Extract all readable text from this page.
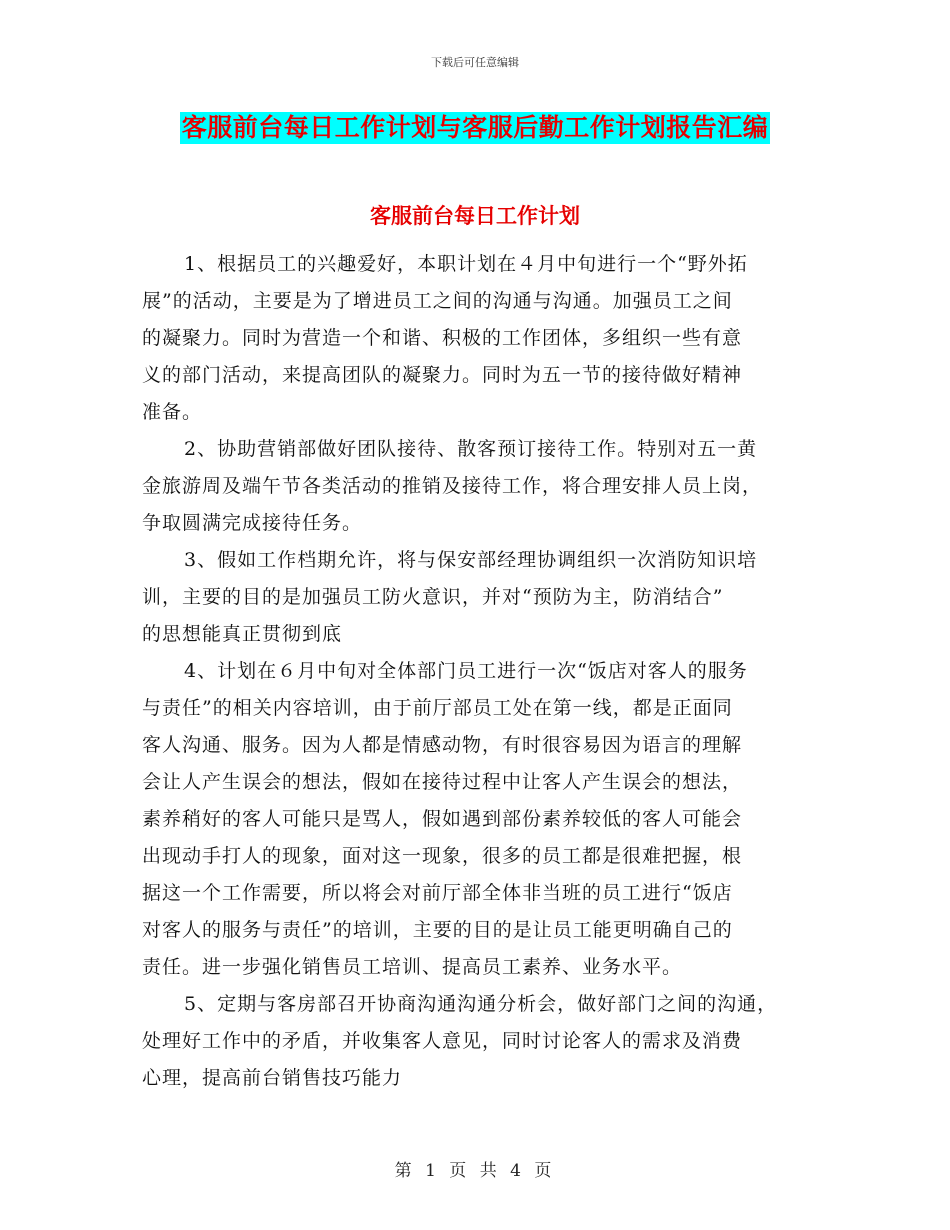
下载后可任意编辑
客服前台每日工作计划与客服后勤工作计划报告汇编
客服前台每日工作计划
1、根据员工的兴趣爱好，本职计划在４月中旬进行一个“野外拓
展”的活动，主要是为了增进员工之间的沟通与沟通。加强员工之间
的凝聚力。同时为营造一个和谐、积极的工作团体，多组织一些有意
义的部门活动，来提高团队的凝聚力。同时为五一节的接待做好精神
准备。
2、协助营销部做好团队接待、散客预订接待工作。特别对五一黄
金旅游周及端午节各类活动的推销及接待工作，将合理安排人员上岗，
争取圆满完成接待任务。
3、假如工作档期允许，将与保安部经理协调组织一次消防知识培
训，主要的目的是加强员工防火意识，并对“预防为主，防消结合”
的思想能真正贯彻到底
4、计划在６月中旬对全体部门员工进行一次“饭店对客人的服务
与责任”的相关内容培训，由于前厅部员工处在第一线，都是正面同
客人沟通、服务。因为人都是情感动物，有时很容易因为语言的理解
会让人产生误会的想法，假如在接待过程中让客人产生误会的想法，
素养稍好的客人可能只是骂人，假如遇到部份素养较低的客人可能会
出现动手打人的现象，面对这一现象，很多的员工都是很难把握，根
据这一个工作需要，所以将会对前厅部全体非当班的员工进行“饭店
对客人的服务与责任”的培训，主要的目的是让员工能更明确自己的
责任。进一步强化销售员工培训、提高员工素养、业务水平。
5、定期与客房部召开协商沟通沟通分析会，做好部门之间的沟通，
处理好工作中的矛盾，并收集客人意见，同时讨论客人的需求及消费
心理，提高前台销售技巧能力
第 1 页 共 4 页
